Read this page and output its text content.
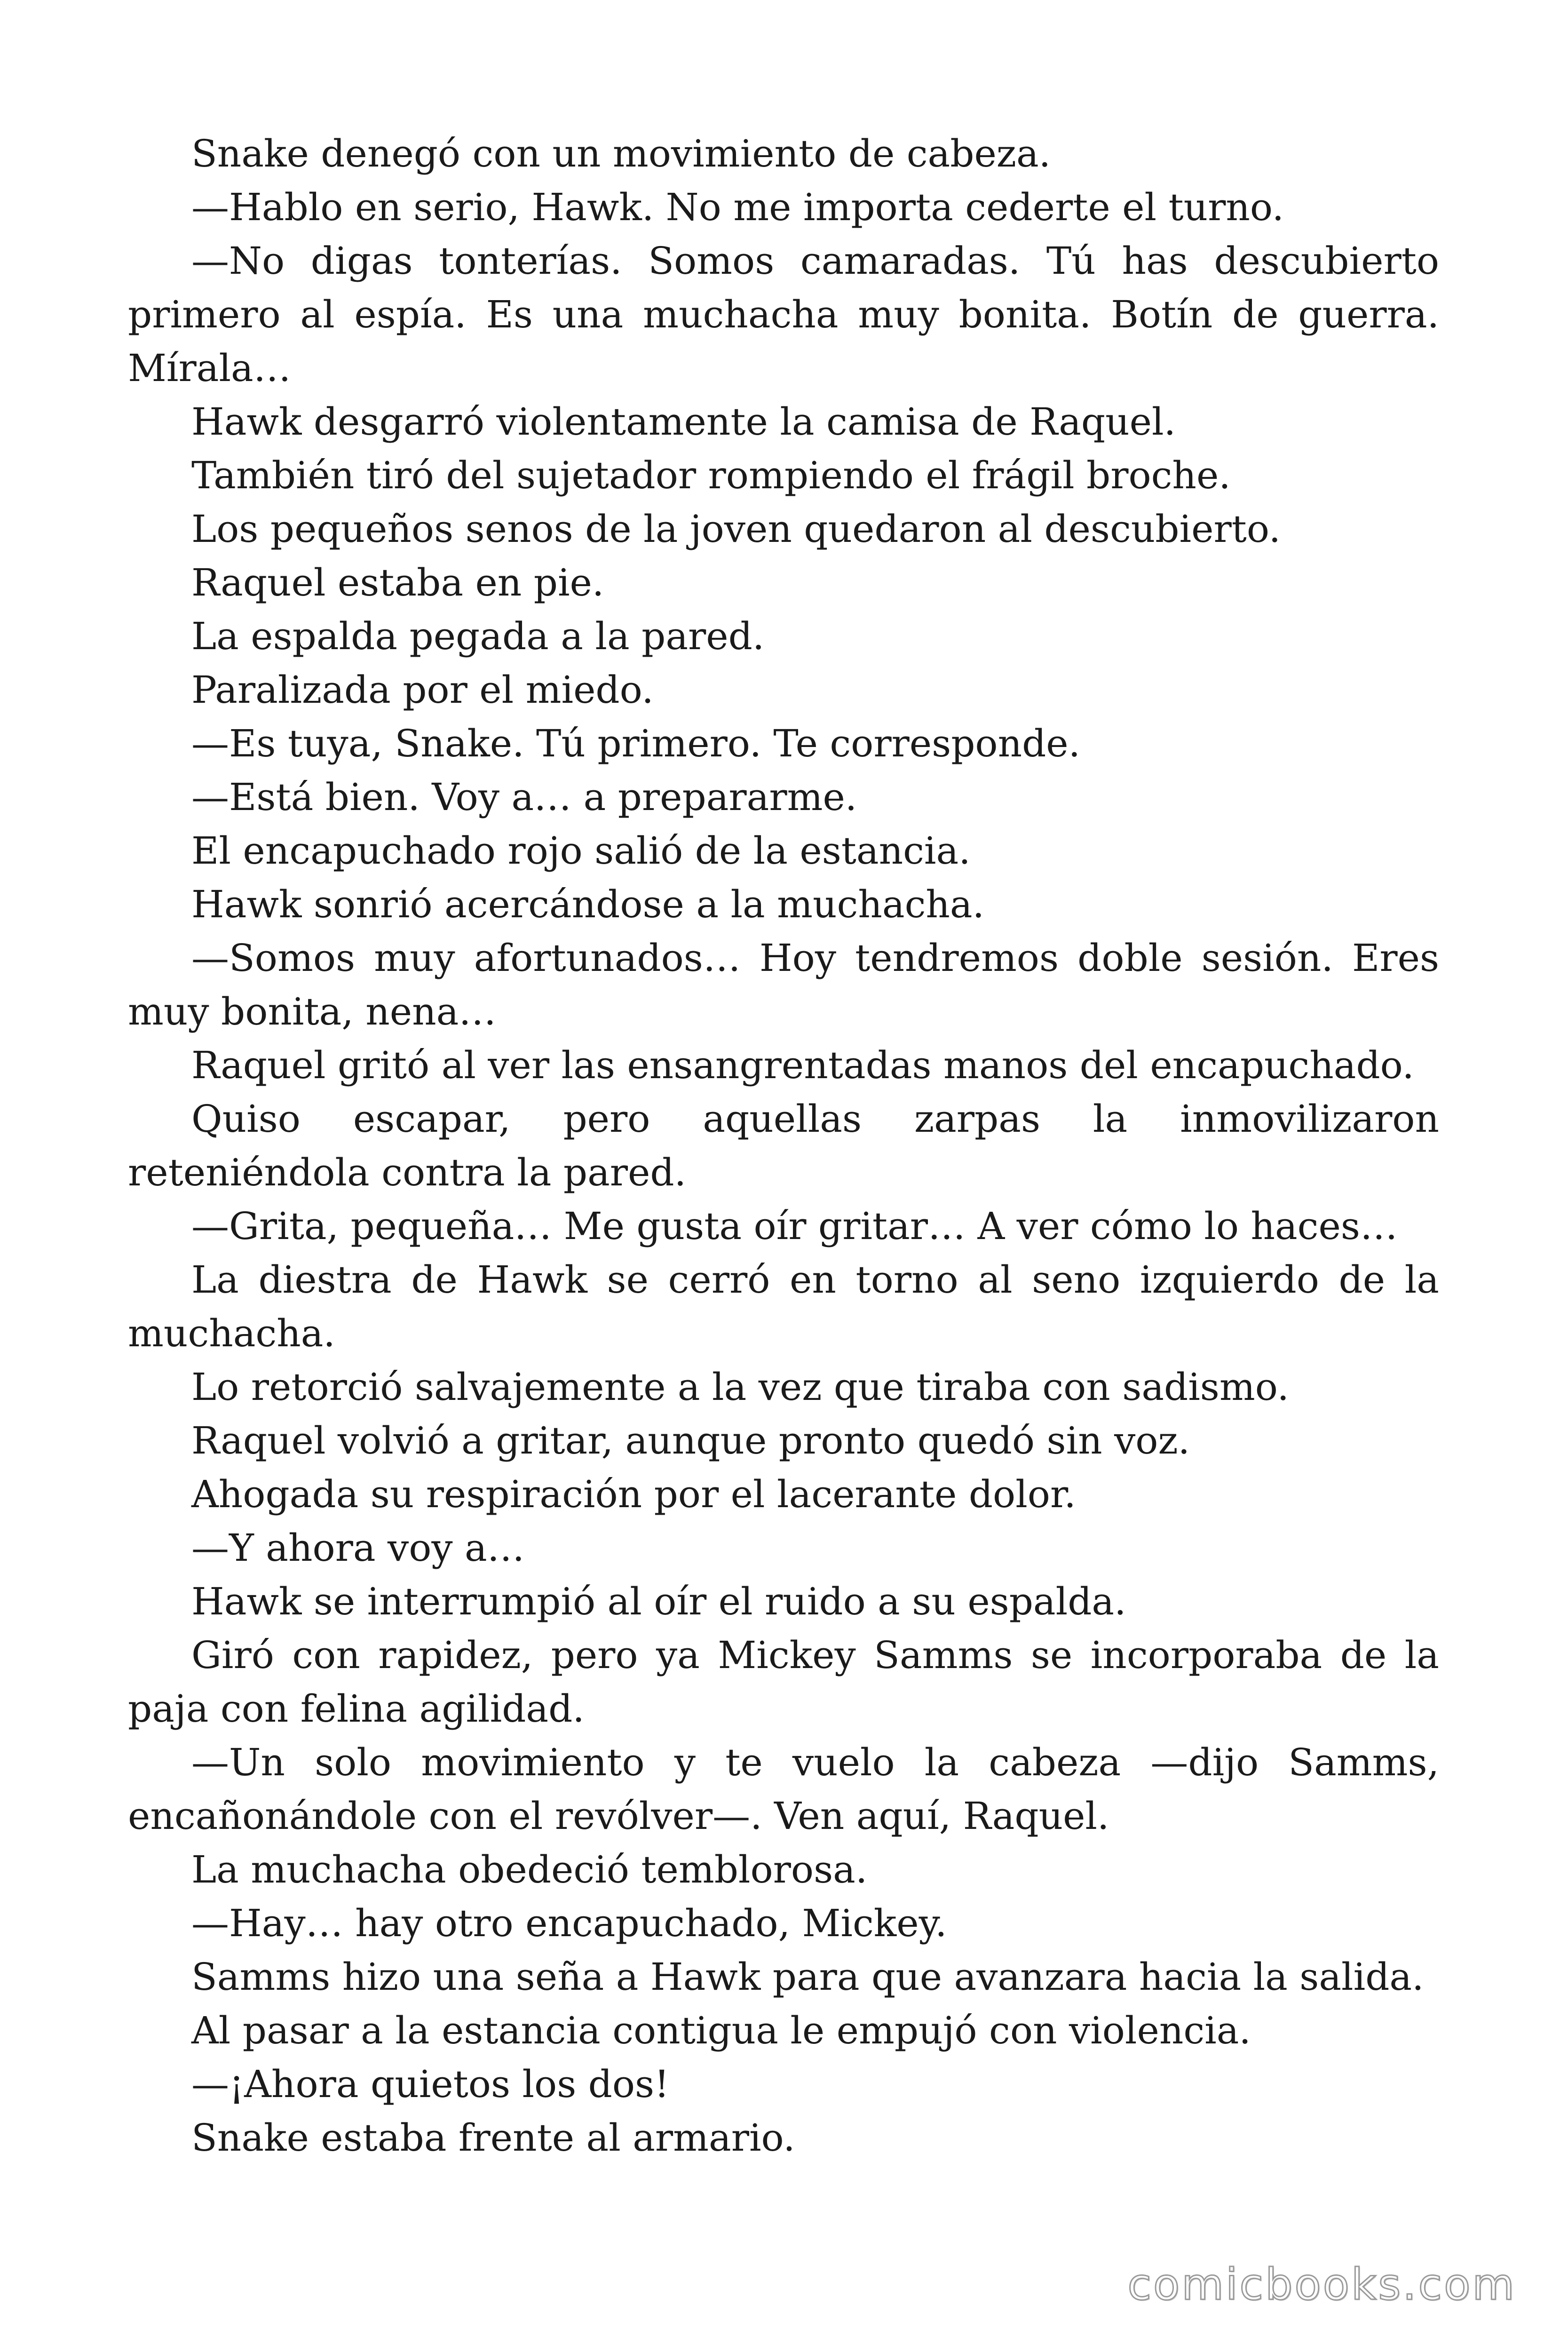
Snake denegó con un movimiento de cabeza.

—Hablo en serio, Hawk. No me importa cederte el turno.

—No digas tonterías. Somos camaradas. Tú has descubierto primero al espía. Es una muchacha muy bonita. Botín de guerra. Mírala…

Hawk desgarró violentamente la camisa de Raquel.

También tiró del sujetador rompiendo el frágil broche.

Los pequeños senos de la joven quedaron al descubierto.

Raquel estaba en pie.

La espalda pegada a la pared.

Paralizada por el miedo.

—Es tuya, Snake. Tú primero. Te corresponde.

—Está bien. Voy a… a prepararme.

El encapuchado rojo salió de la estancia.

Hawk sonrió acercándose a la muchacha.

—Somos muy afortunados… Hoy tendremos doble sesión. Eres muy bonita, nena…

Raquel gritó al ver las ensangrentadas manos del encapuchado.

Quiso escapar, pero aquellas zarpas la inmovilizaron reteniéndola contra la pared.

—Grita, pequeña… Me gusta oír gritar… A ver cómo lo haces…

La diestra de Hawk se cerró en torno al seno izquierdo de la muchacha.

Lo retorció salvajemente a la vez que tiraba con sadismo.

Raquel volvió a gritar, aunque pronto quedó sin voz.

Ahogada su respiración por el lacerante dolor.

—Y ahora voy a…

Hawk se interrumpió al oír el ruido a su espalda.

Giró con rapidez, pero ya Mickey Samms se incorporaba de la paja con felina agilidad.

—Un solo movimiento y te vuelo la cabeza —dijo Samms, encañonándole con el revólver—. Ven aquí, Raquel.

La muchacha obedeció temblorosa.

—Hay… hay otro encapuchado, Mickey.

Samms hizo una seña a Hawk para que avanzara hacia la salida.

Al pasar a la estancia contigua le empujó con violencia.

—¡Ahora quietos los dos!

Snake estaba frente al armario.

comicbooks.com
